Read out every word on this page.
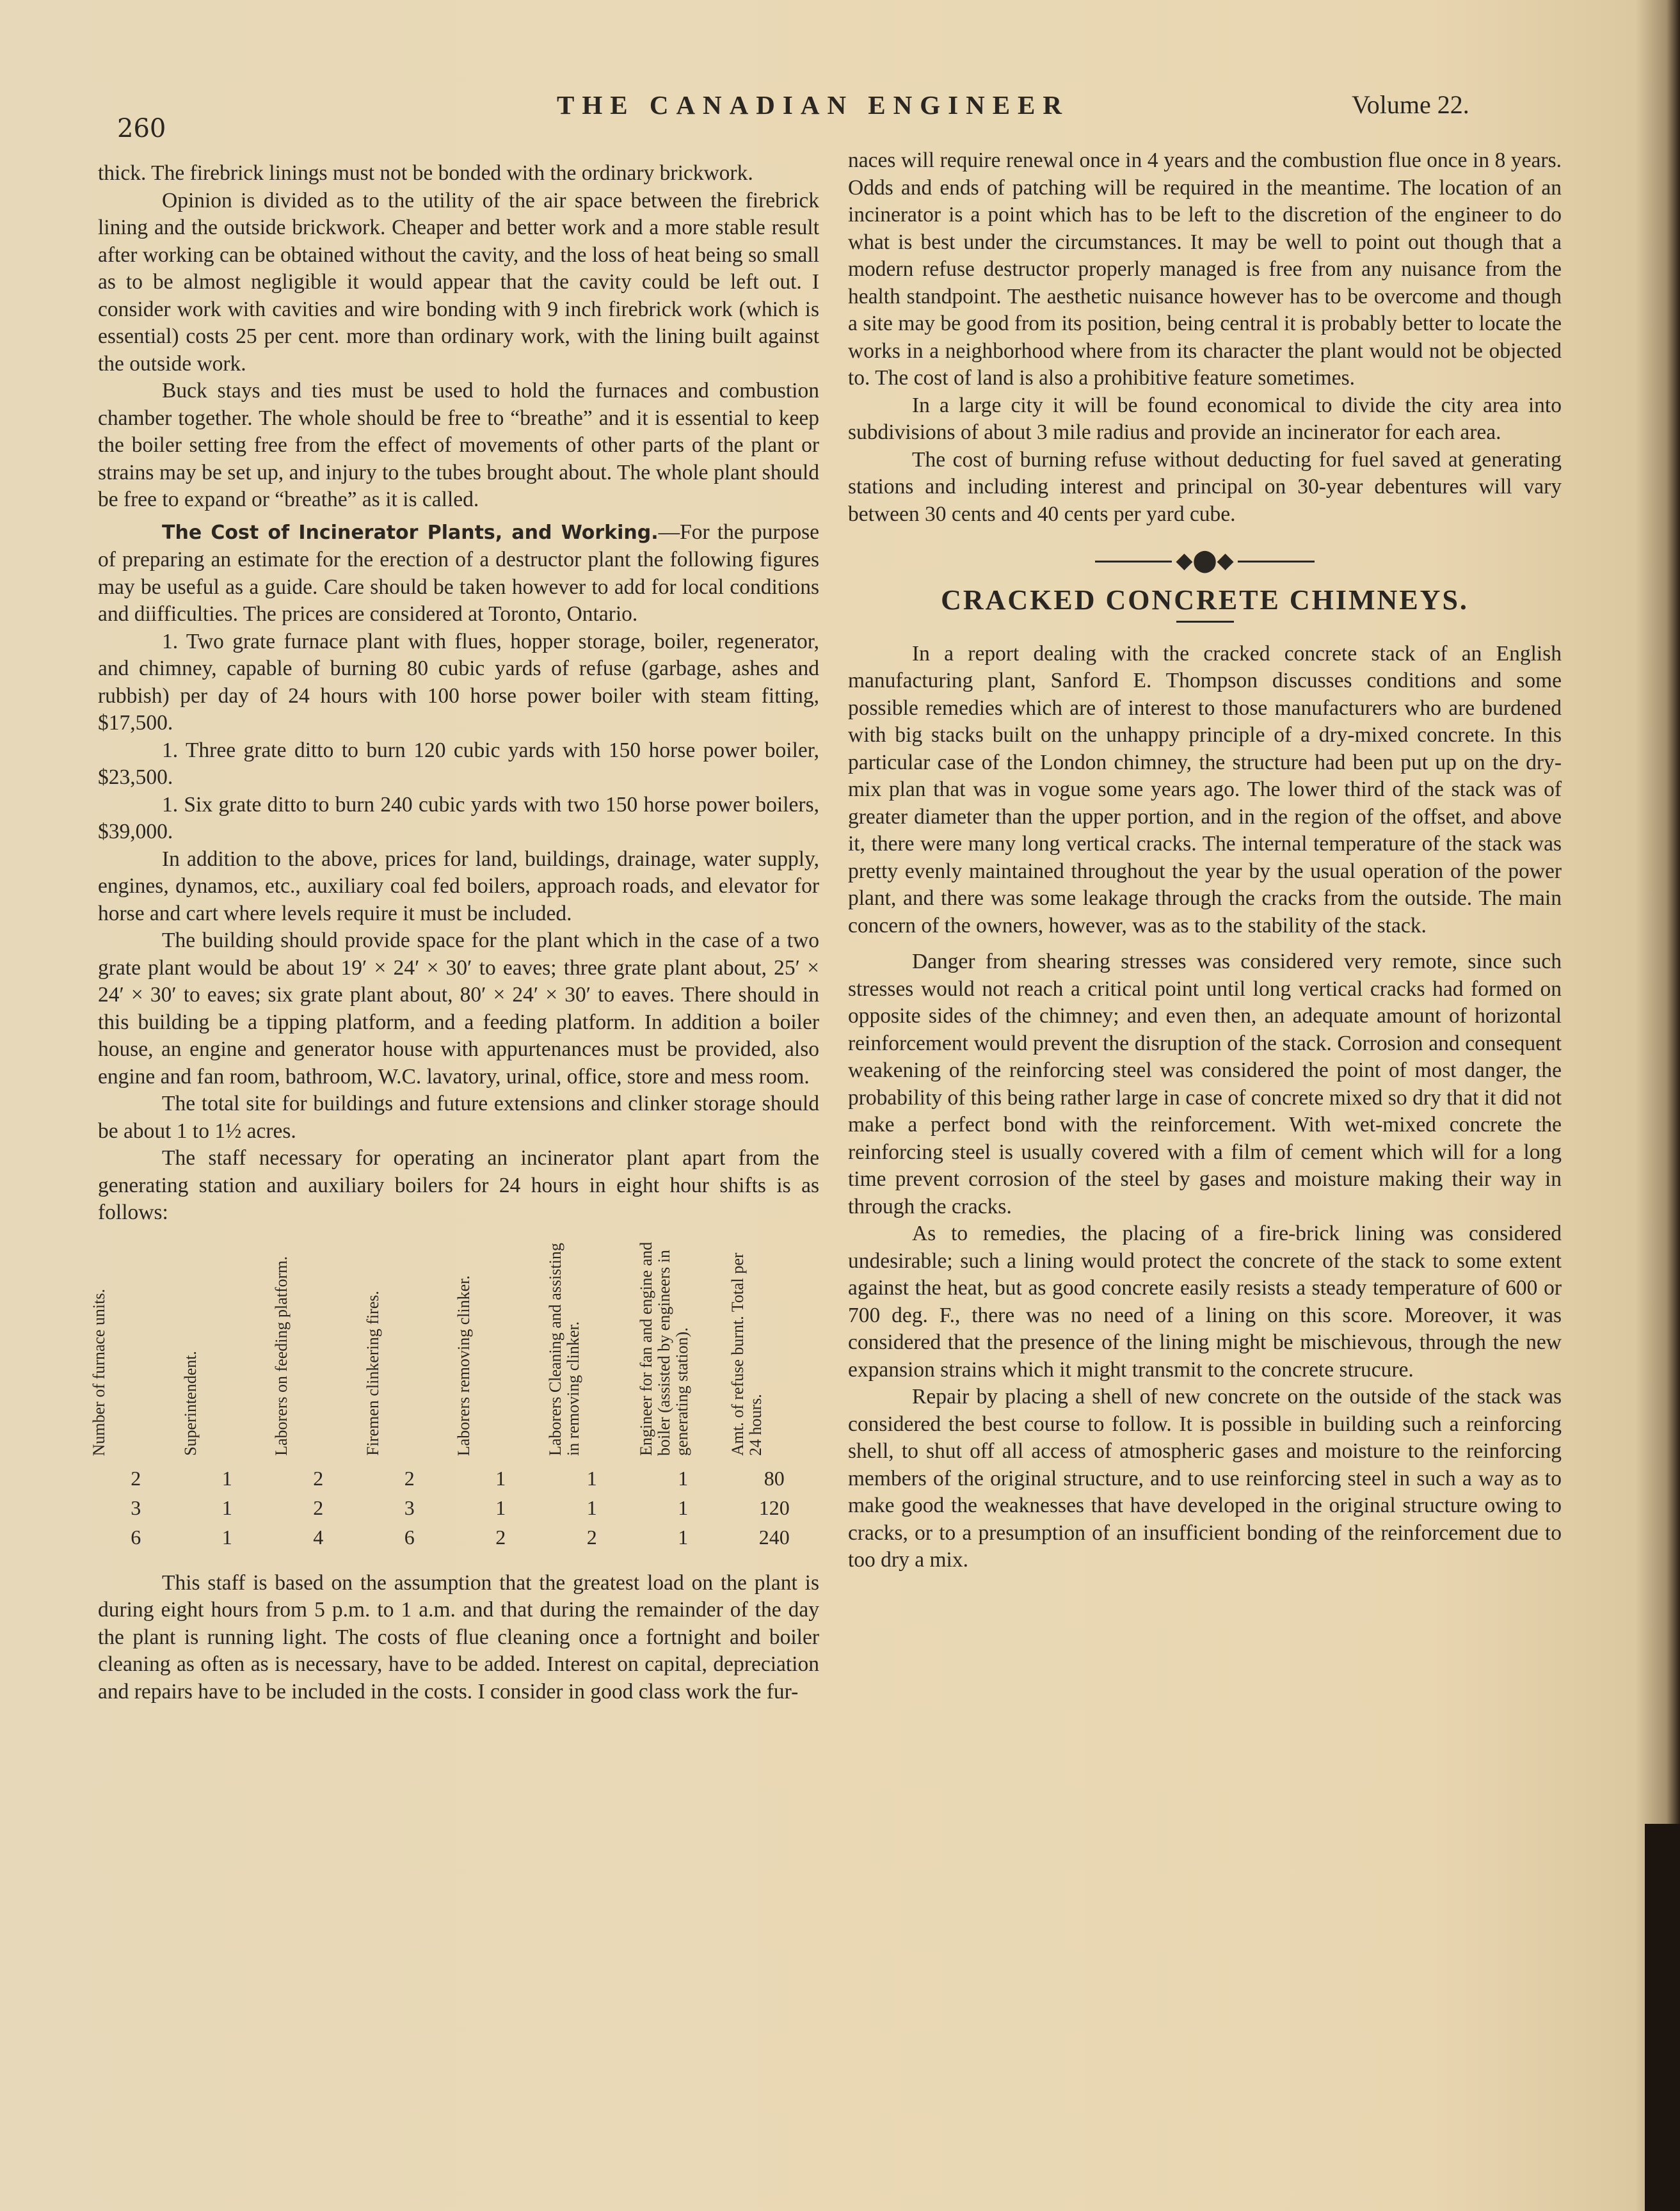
260
THE CANADIAN ENGINEER	Volume 22.

thick. The firebrick linings must not be bonded with the ordinary brickwork.

Opinion is divided as to the utility of the air space between the firebrick lining and the outside brickwork. Cheaper and better work and a more stable result after working can be obtained without the cavity, and the loss of heat being so small as to be almost negligible it would appear that the cavity could be left out. I consider work with cavities and wire bonding with 9 inch firebrick work (which is essential) costs 25 per cent. more than ordinary work, with the lining built against the outside work.

Buck stays and ties must be used to hold the furnaces and combustion chamber together. The whole should be free to “breathe” and it is essential to keep the boiler setting free from the effect of movements of other parts of the plant or strains may be set up, and injury to the tubes brought about. The whole plant should be free to expand or “breathe” as it is called.

The Cost of Incinerator Plants, and Working.—For the purpose of preparing an estimate for the erection of a destructor plant the following figures may be useful as a guide. Care should be taken however to add for local conditions and diifficulties. The prices are considered at Toronto, Ontario.

1. Two grate furnace plant with flues, hopper storage, boiler, regenerator, and chimney, capable of burning 80 cubic yards of refuse (garbage, ashes and rubbish) per day of 24 hours with 100 horse power boiler with steam fitting, $17,500.

1. Three grate ditto to burn 120 cubic yards with 150 horse power boiler, $23,500.

1. Six grate ditto to burn 240 cubic yards with two 150 horse power boilers, $39,000.

In addition to the above, prices for land, buildings, drainage, water supply, engines, dynamos, etc., auxiliary coal fed boilers, approach roads, and elevator for horse and cart where levels require it must be included.

The building should provide space for the plant which in the case of a two grate plant would be about 19′ × 24′ × 30′ to eaves; three grate plant about, 25′ × 24′ × 30′ to eaves; six grate plant about, 80′ × 24′ × 30′ to eaves. There should in this building be a tipping platform, and a feeding platform. In addition a boiler house, an engine and generator house with appurtenances must be provided, also engine and fan room, bathroom, W.C. lavatory, urinal, office, store and mess room.

The total site for buildings and future extensions and clinker storage should be about 1 to 1½ acres.

The staff necessary for operating an incinerator plant apart from the generating station and auxiliary boilers for 24 hours in eight hour shifts is as follows:

Number of furnace units.	Superintendent.	Laborers on feeding platform.	Firemen clinkering fires.	Laborers removing clinker.	Laborers Cleaning and assisting in removing clinker.	Engineer for fan and engine and boiler (assisted by engineers in generating station).	Amt. of refuse burnt. Total per 24 hours.
2	1	2	2	1	1	1	80
3	1	2	3	1	1	1	120
6	1	4	6	2	2	1	240

This staff is based on the assumption that the greatest load on the plant is during eight hours from 5 p.m. to 1 a.m. and that during the remainder of the day the plant is running light. The costs of flue cleaning once a fortnight and boiler cleaning as often as is necessary, have to be added. Interest on capital, depreciation and repairs have to be included in the costs. I consider in good class work the fur-

naces will require renewal once in 4 years and the combustion flue once in 8 years. Odds and ends of patching will be required in the meantime. The location of an incinerator is a point which has to be left to the discretion of the engineer to do what is best under the circumstances. It may be well to point out though that a modern refuse destructor properly managed is free from any nuisance from the health standpoint. The aesthetic nuisance however has to be overcome and though a site may be good from its position, being central it is probably better to locate the works in a neighborhood where from its character the plant would not be objected to. The cost of land is also a prohibitive feature sometimes.

In a large city it will be found economical to divide the city area into subdivisions of about 3 mile radius and provide an incinerator for each area.

The cost of burning refuse without deducting for fuel saved at generating stations and including interest and principal on 30-year debentures will vary between 30 cents and 40 cents per yard cube.

◆⬤◆
CRACKED CONCRETE CHIMNEYS.

In a report dealing with the cracked concrete stack of an English manufacturing plant, Sanford E. Thompson discusses conditions and some possible remedies which are of interest to those manufacturers who are burdened with big stacks built on the unhappy principle of a dry-mixed concrete. In this particular case of the London chimney, the structure had been put up on the dry-mix plan that was in vogue some years ago. The lower third of the stack was of greater diameter than the upper portion, and in the region of the offset, and above it, there were many long vertical cracks. The internal temperature of the stack was pretty evenly maintained throughout the year by the usual operation of the power plant, and there was some leakage through the cracks from the outside. The main concern of the owners, however, was as to the stability of the stack.

Danger from shearing stresses was considered very remote, since such stresses would not reach a critical point until long vertical cracks had formed on opposite sides of the chimney; and even then, an adequate amount of horizontal reinforcement would prevent the disruption of the stack. Corrosion and consequent weakening of the reinforcing steel was considered the point of most danger, the probability of this being rather large in case of concrete mixed so dry that it did not make a perfect bond with the reinforcement. With wet-mixed concrete the reinforcing steel is usually covered with a film of cement which will for a long time prevent corrosion of the steel by gases and moisture making their way in through the cracks.

As to remedies, the placing of a fire-brick lining was considered undesirable; such a lining would protect the concrete of the stack to some extent against the heat, but as good concrete easily resists a steady temperature of 600 or 700 deg. F., there was no need of a lining on this score. Moreover, it was considered that the presence of the lining might be mischievous, through the new expansion strains which it might transmit to the concrete strucure.

Repair by placing a shell of new concrete on the outside of the stack was considered the best course to follow. It is possible in building such a reinforcing shell, to shut off all access of atmospheric gases and moisture to the reinforcing members of the original structure, and to use reinforcing steel in such a way as to make good the weaknesses that have developed in the original structure owing to cracks, or to a presumption of an insufficient bonding of the reinforcement due to too dry a mix.
